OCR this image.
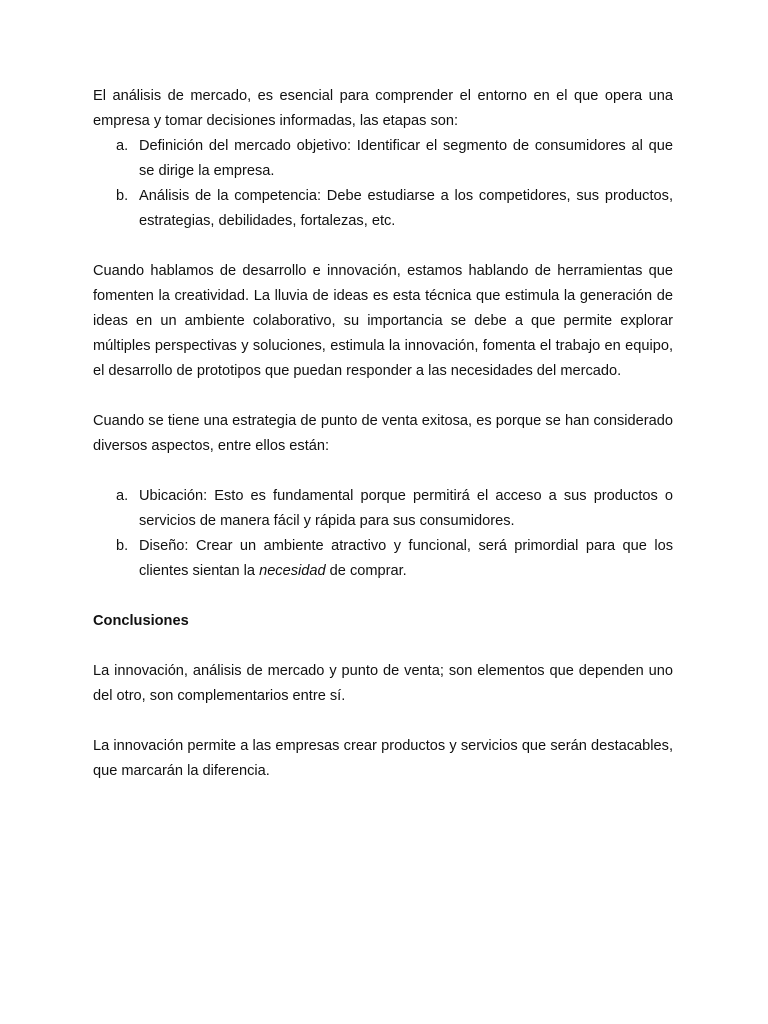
El análisis de mercado, es esencial para comprender el entorno en el que opera una empresa y tomar decisiones informadas, las etapas son:

a. Definición del mercado objetivo: Identificar el segmento de consumidores al que se dirige la empresa.
b. Análisis de la competencia: Debe estudiarse a los competidores, sus productos, estrategias, debilidades, fortalezas, etc.

Cuando hablamos de desarrollo e innovación, estamos hablando de herramientas que fomenten la creatividad. La lluvia de ideas es esta técnica que estimula la generación de ideas en un ambiente colaborativo, su importancia se debe a que permite explorar múltiples perspectivas y soluciones, estimula la innovación, fomenta el trabajo en equipo, el desarrollo de prototipos que puedan responder a las necesidades del mercado.

Cuando se tiene una estrategia de punto de venta exitosa, es porque se han considerado diversos aspectos, entre ellos están:

a. Ubicación: Esto es fundamental porque permitirá el acceso a sus productos o servicios de manera fácil y rápida para sus consumidores.
b. Diseño: Crear un ambiente atractivo y funcional, será primordial para que los clientes sientan la necesidad de comprar.

Conclusiones

La innovación, análisis de mercado y punto de venta; son elementos que dependen uno del otro, son complementarios entre sí.

La innovación permite a las empresas crear productos y servicios que serán destacables, que marcarán la diferencia.
